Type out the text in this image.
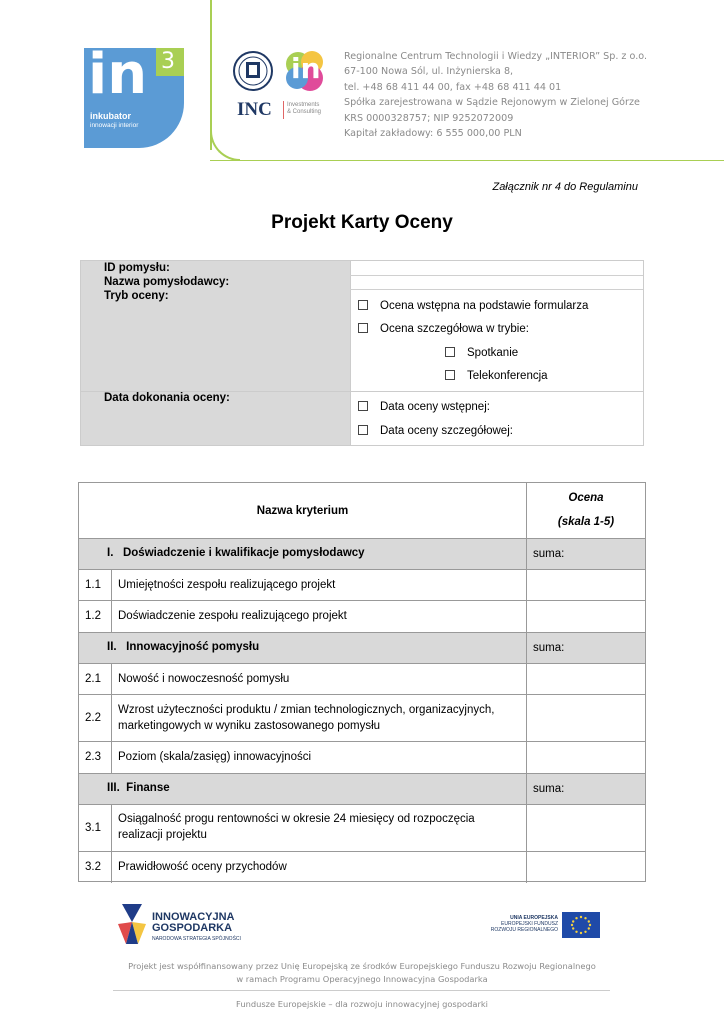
in 3
inkubator
innowacji interior
in
INC	Investments
& Consulting
Regionalne Centrum Technologii i Wiedzy „INTERIOR” Sp. z o.o.
67-100 Nowa Sól, ul. Inżynierska 8,
tel. +48 68 411 44 00, fax +48 68 411 44 01
Spółka zarejestrowana w Sądzie Rejonowym w Zielonej Górze
KRS 0000328757; NIP 9252072009
Kapitał zakładowy: 6 555 000,00 PLN
Załącznik nr 4 do Regulaminu
Projekt Karty Oceny
ID pomysłu:
Nazwa pomysłodawcy:
Tryb oceny:
Ocena wstępna na podstawie formularza
Ocena szczegółowa w trybie:
Spotkanie
Telekonferencja
Data dokonania oceny:
Data oceny wstępnej:
Data oceny szczegółowej:
Nazwa kryterium
Ocena
(skala 1-5)
I.   Doświadczenie i kwalifikacje pomysłodawcy	suma:
1.1 Umiejętności zespołu realizującego projekt
1.2 Doświadczenie zespołu realizującego projekt
II.   Innowacyjność pomysłu	suma:
2.1 Nowość i nowoczesność pomysłu
2.2
Wzrost użyteczności produktu / zmian technologicznych, organizacyjnych,
marketingowych w wyniku zastosowanego pomysłu
2.3 Poziom (skala/zasięg) innowacyjności
III.  Finanse	suma:
3.1
Osiągalność progu rentowności w okresie 24 miesięcy od rozpoczęcia
realizacji projektu
3.2 Prawidłowość oceny przychodów
INNOWACYJNA
GOSPODARKA
NARODOWA STRATEGIA SPÓJNOŚCI
UNIA EUROPEJSKA
EUROPEJSKI FUNDUSZ
ROZWOJU REGIONALNEGO
Projekt jest współfinansowany przez Unię Europejską ze środków Europejskiego Funduszu Rozwoju Regionalnego
w ramach Programu Operacyjnego Innowacyjna Gospodarka
Fundusze Europejskie – dla rozwoju innowacyjnej gospodarki
